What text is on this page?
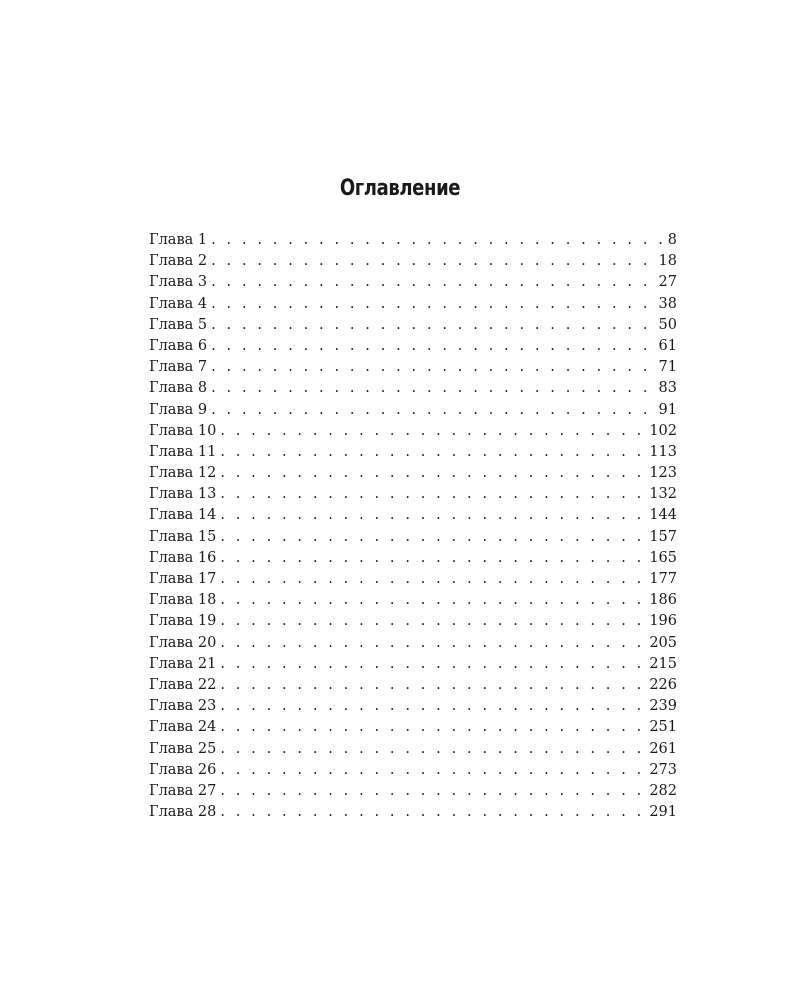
Оглавление
Глава 1 . . .	8
Глава 2 . . .	18
Глава 3 . . .	27
Глава 4 . . .	38
Глава 5 . . .	50
Глава 6 . . .	61
Глава 7 . . .	71
Глава 8 . . .	83
Глава 9 . . .	91
Глава 10 . . .	102
Глава 11 . . .	113
Глава 12 . . .	123
Глава 13 . . .	132
Глава 14 . . .	144
Глава 15 . . .	157
Глава 16 . . .	165
Глава 17 . . .	177
Глава 18 . . .	186
Глава 19 . . .	196
Глава 20 . . .	205
Глава 21 . . .	215
Глава 22 . . .	226
Глава 23 . . .	239
Глава 24 . . .	251
Глава 25 . . .	261
Глава 26 . . .	273
Глава 27 . . .	282
Глава 28 . . .	291
